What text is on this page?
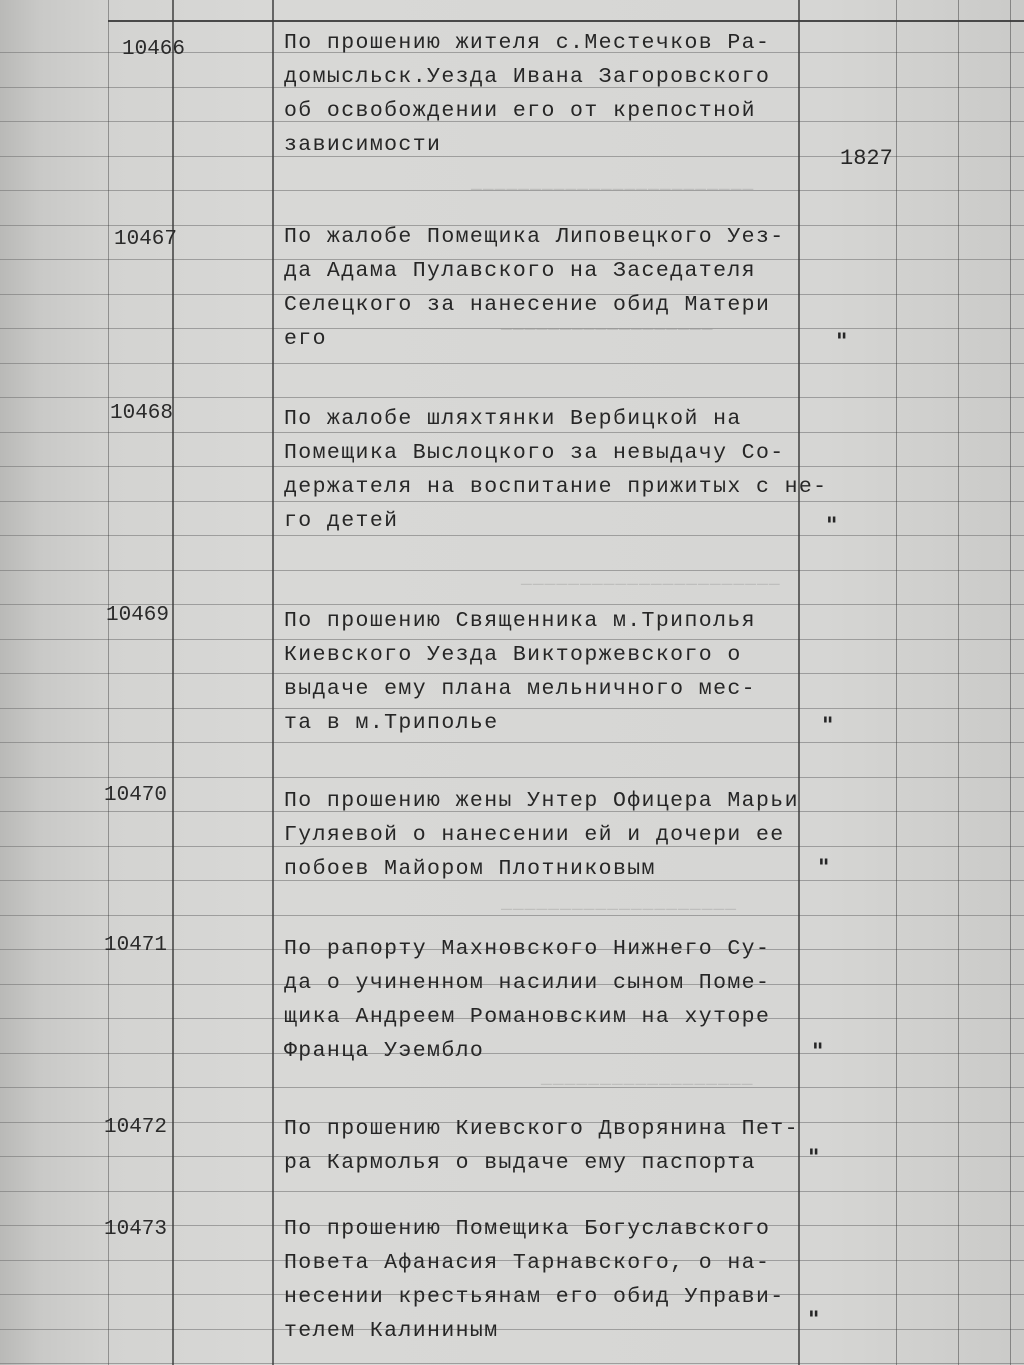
————————————————————————
——————————————————
——————————————————————
————————————————————
——————————————————
10466	По прошению жителя с.Местечков Ра-
домысльск.Уезда Ивана Загоровского
об освобождении его от крепостной
зависимости
1827
10467	По жалобе Помещика Липовецкого Уез-
да Адама Пулавского на Заседателя
Селецкого за нанесение обид Матери
его	"
10468	По жалобе шляхтянки Вербицкой на
Помещика Выслоцкого за невыдачу Со-
держателя на воспитание прижитых с не-
го детей	"
10469	По прошению Священника м.Триполья
Киевского Уезда Викторжевского о
выдаче ему плана мельничного мес-
та в м.Триполье	"
10470	По прошению жены Унтер Офицера Марьи
Гуляевой о нанесении ей и дочери ее
побоев Майором Плотниковым	"
10471	По рапорту Махновского Нижнего Су-
да о учиненном насилии сыном Поме-
щика Андреем Романовским на хуторе
Франца Уэембло	"
10472	По прошению Киевского Дворянина Пет-
ра Кармолья о выдаче ему паспорта	"
10473	По прошению Помещика Богуславского
Повета Афанасия Тарнавского, о на-
несении крестьянам его обид Управи-
телем Калининым	"
